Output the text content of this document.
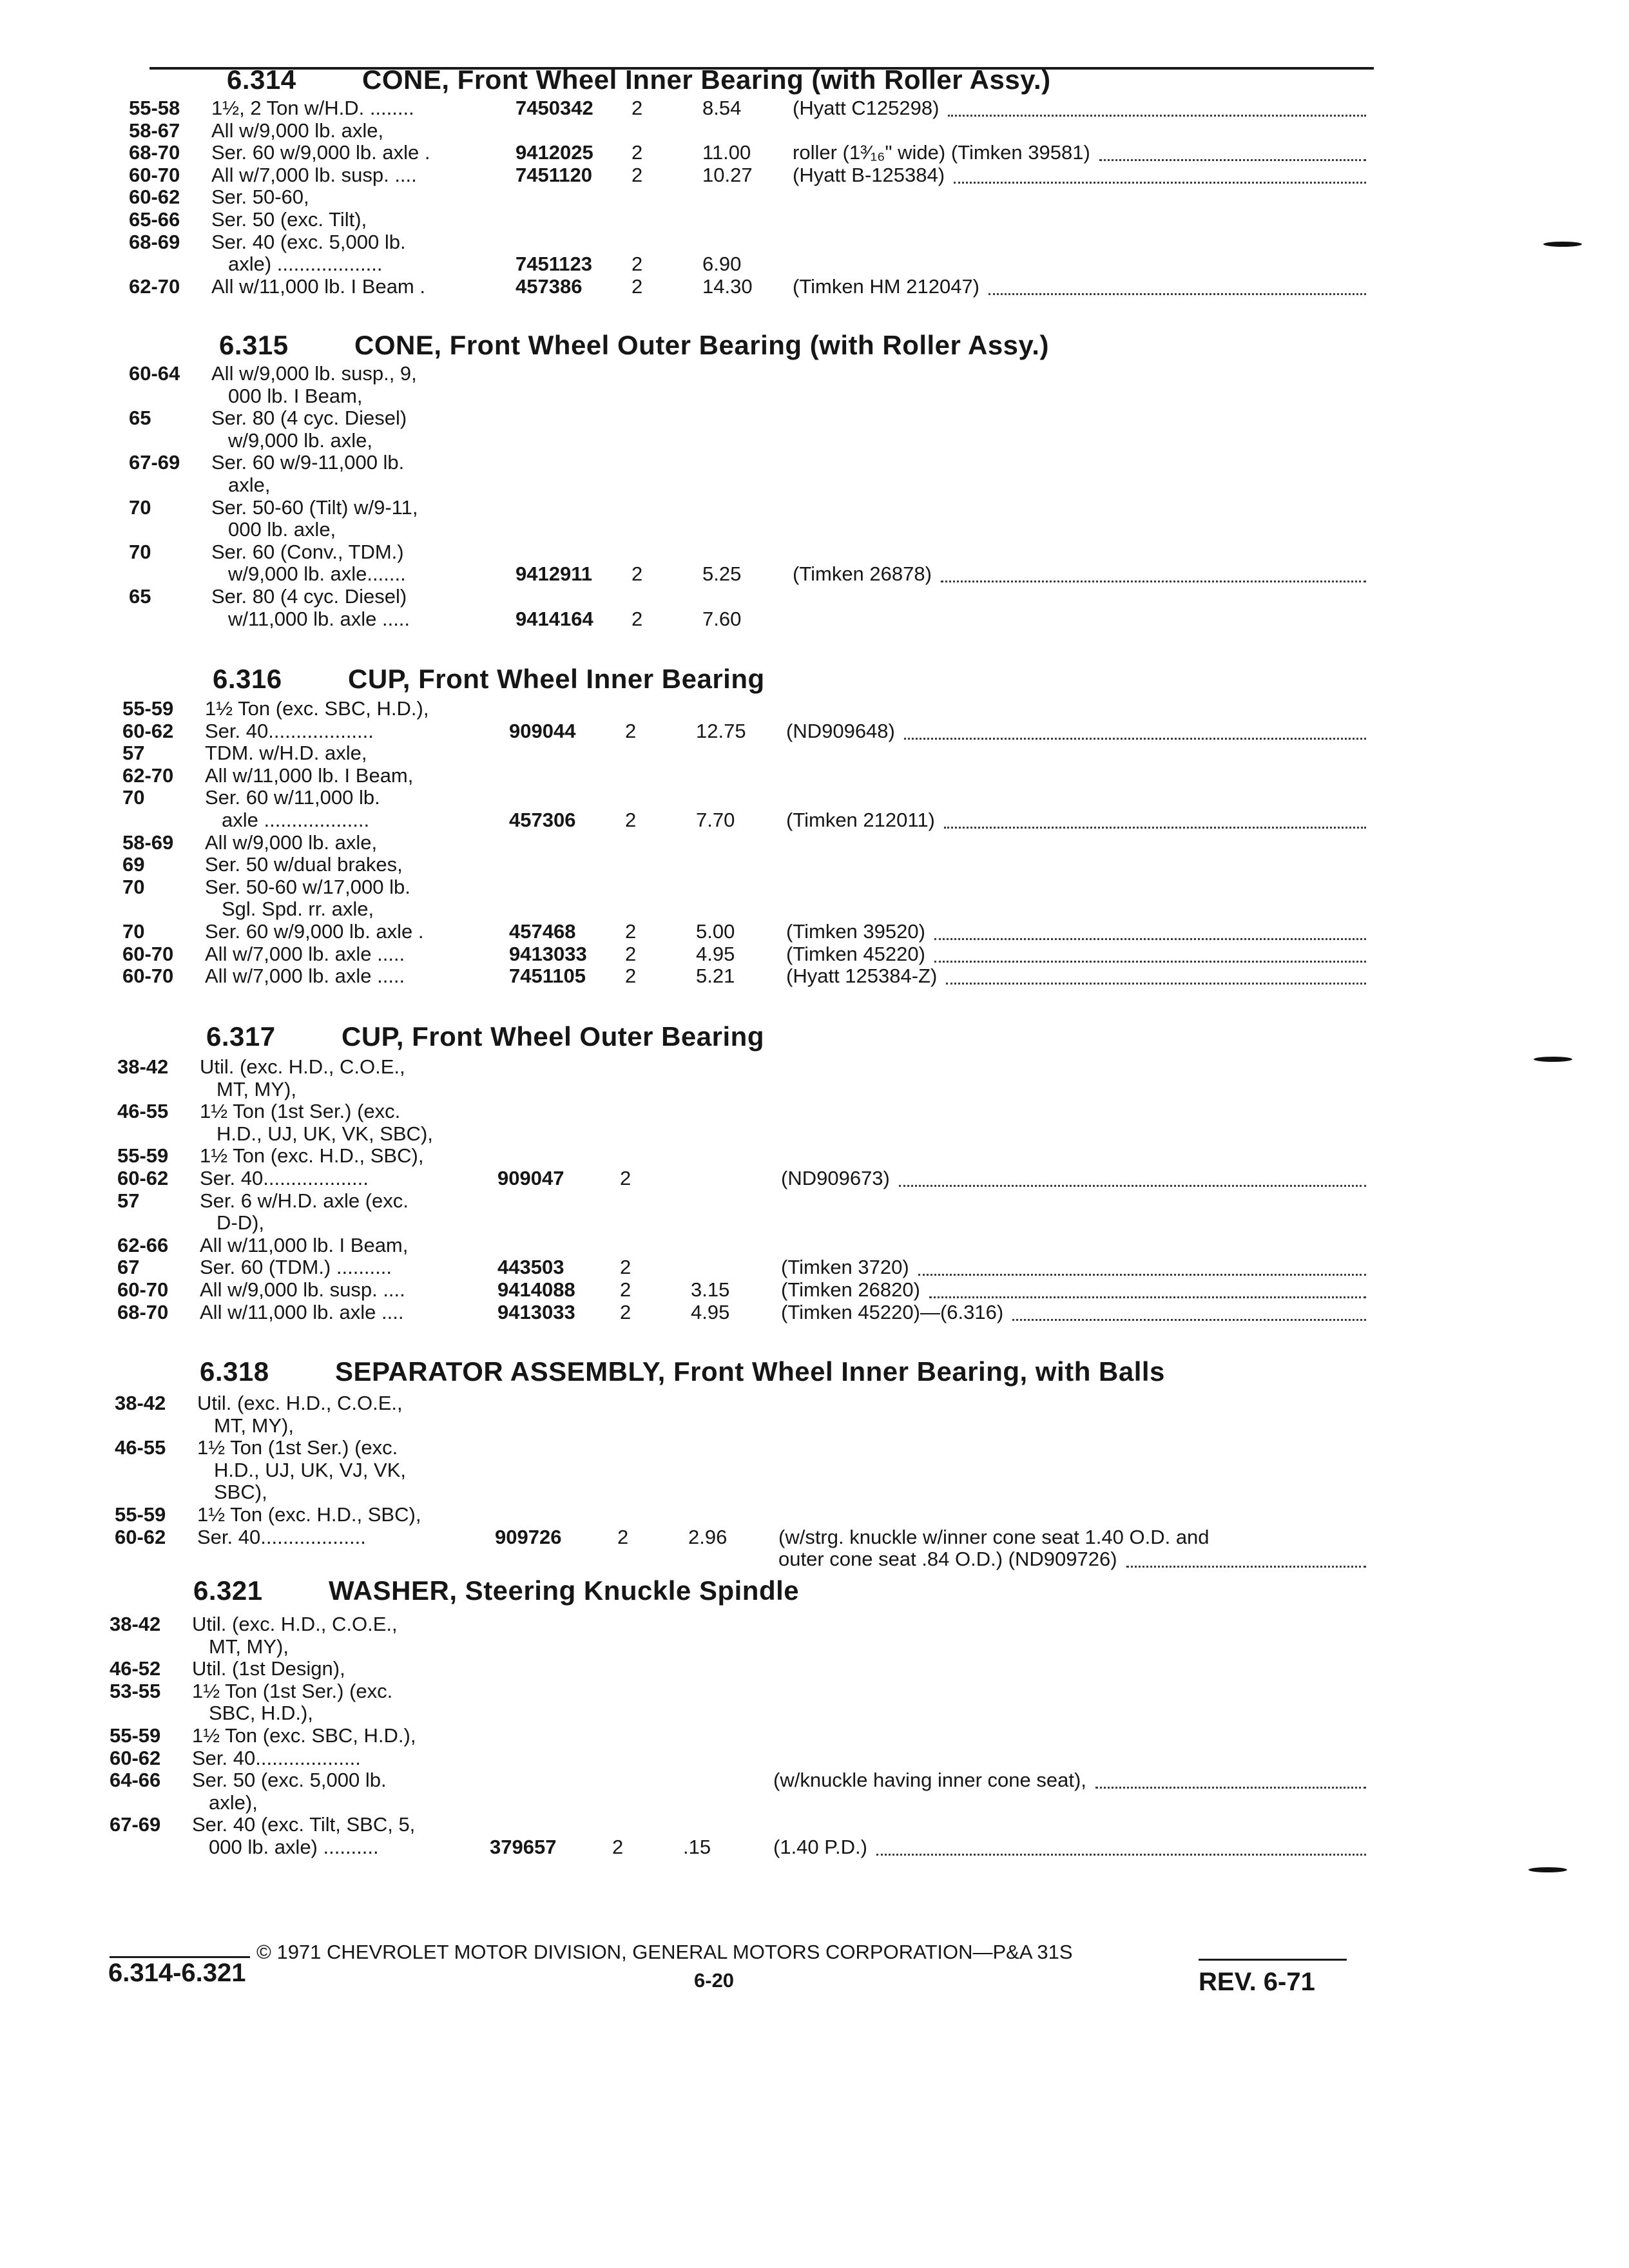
6.314 CONE, Front Wheel Inner Bearing (with Roller Assy.)
55-58 1½, 2 Ton w/H.D. ........	7450342 2	8.54	(Hyatt C125298)
58-67 All w/9,000 lb. axle,
68-70 Ser. 60 w/9,000 lb. axle .	9412025 2	11.00 roller (1³⁄₁₆" wide) (Timken 39581)
60-70 All w/7,000 lb. susp. ....	7451120 2	10.27 (Hyatt B-125384)
60-62 Ser. 50-60,
65-66 Ser. 50 (exc. Tilt),
68-69 Ser. 40 (exc. 5,000 lb.
axle) ...................	7451123 2	6.90
62-70 All w/11,000 lb. I Beam .	457386 2	14.30 (Timken HM 212047)
6.315 CONE, Front Wheel Outer Bearing (with Roller Assy.)
60-64 All w/9,000 lb. susp., 9,
000 lb. I Beam,
65	Ser. 80 (4 cyc. Diesel)
w/9,000 lb. axle,
67-69 Ser. 60 w/9-11,000 lb.
axle,
70	Ser. 50-60 (Tilt) w/9-11,
000 lb. axle,
70	Ser. 60 (Conv., TDM.)
w/9,000 lb. axle.......	9412911 2	5.25	(Timken 26878)
65	Ser. 80 (4 cyc. Diesel)
w/11,000 lb. axle .....	9414164 2	7.60
6.316 CUP, Front Wheel Inner Bearing
55-59 1½ Ton (exc. SBC, H.D.),
60-62 Ser. 40...................	909044 2	12.75 (ND909648)
57	TDM. w/H.D. axle,
62-70 All w/11,000 lb. I Beam,
70	Ser. 60 w/11,000 lb.
axle ...................	457306 2	7.70	(Timken 212011)
58-69 All w/9,000 lb. axle,
69	Ser. 50 w/dual brakes,
70	Ser. 50-60 w/17,000 lb.
Sgl. Spd. rr. axle,
70	Ser. 60 w/9,000 lb. axle .	457468 2	5.00	(Timken 39520)
60-70 All w/7,000 lb. axle .....	9413033 2	4.95	(Timken 45220)
60-70 All w/7,000 lb. axle .....	7451105 2	5.21	(Hyatt 125384-Z)
6.317 CUP, Front Wheel Outer Bearing
38-42 Util. (exc. H.D., C.O.E.,
MT, MY),
46-55 1½ Ton (1st Ser.) (exc.
H.D., UJ, UK, VK, SBC),
55-59 1½ Ton (exc. H.D., SBC),
60-62 Ser. 40...................	909047	2	(ND909673)
57	Ser. 6 w/H.D. axle (exc.
D-D),
62-66 All w/11,000 lb. I Beam,
67	Ser. 60 (TDM.) ..........	443503	2	(Timken 3720)
60-70 All w/9,000 lb. susp. ....	9414088 2	3.15	(Timken 26820)
68-70 All w/11,000 lb. axle ....	9413033 2	4.95	(Timken 45220)—(6.316)
6.318 SEPARATOR ASSEMBLY, Front Wheel Inner Bearing, with Balls
38-42 Util. (exc. H.D., C.O.E.,
MT, MY),
46-55 1½ Ton (1st Ser.) (exc.
H.D., UJ, UK, VJ, VK,
SBC),
55-59 1½ Ton (exc. H.D., SBC),
60-62 Ser. 40...................	909726	2	2.96	(w/strg. knuckle w/inner cone seat 1.40 O.D. and
outer cone seat .84 O.D.) (ND909726)
6.321 WASHER, Steering Knuckle Spindle
38-42 Util. (exc. H.D., C.O.E.,
MT, MY),
46-52 Util. (1st Design),
53-55 1½ Ton (1st Ser.) (exc.
SBC, H.D.),
55-59 1½ Ton (exc. SBC, H.D.),
60-62 Ser. 40...................
64-66 Ser. 50 (exc. 5,000 lb.	(w/knuckle having inner cone seat),
axle),
67-69 Ser. 40 (exc. Tilt, SBC, 5,
000 lb. axle) ..........	379657	2	.15	(1.40 P.D.)
© 1971 CHEVROLET MOTOR DIVISION, GENERAL MOTORS CORPORATION—P&A 31S
6.314-6.321	6-20	REV. 6-71
